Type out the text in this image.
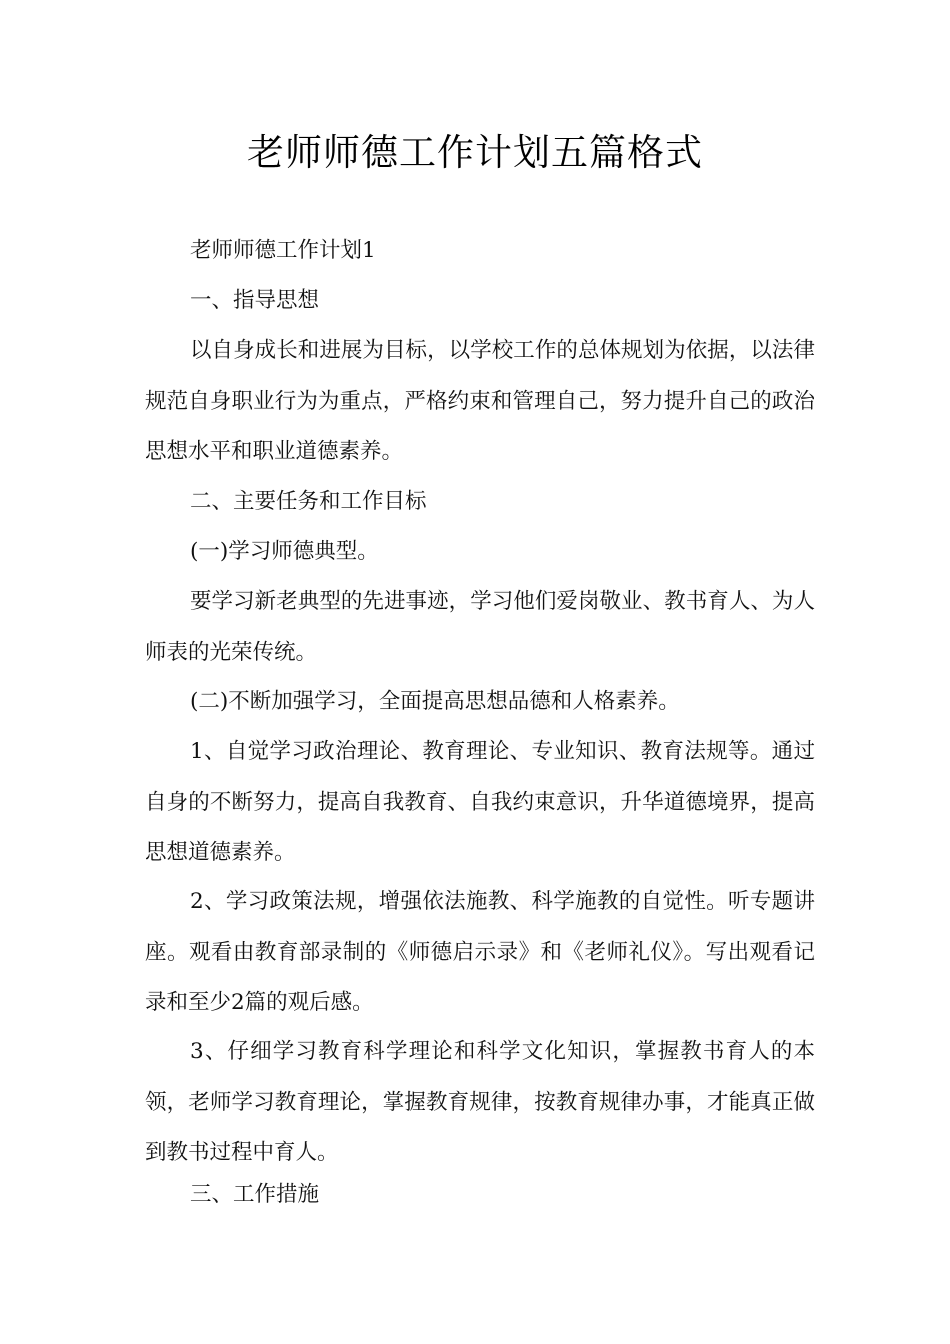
老师师德工作计划五篇格式

老师师德工作计划1

一、指导思想

以自身成长和进展为目标，以学校工作的总体规划为依据，以法律规范自身职业行为为重点，严格约束和管理自己，努力提升自己的政治思想水平和职业道德素养。

二、主要任务和工作目标

(一)学习师德典型。

要学习新老典型的先进事迹，学习他们爱岗敬业、教书育人、为人师表的光荣传统。

(二)不断加强学习，全面提高思想品德和人格素养。

1、自觉学习政治理论、教育理论、专业知识、教育法规等。通过自身的不断努力，提高自我教育、自我约束意识，升华道德境界，提高思想道德素养。

2、学习政策法规，增强依法施教、科学施教的自觉性。听专题讲座。观看由教育部录制的《师德启示录》和《老师礼仪》。写出观看记录和至少2篇的观后感。

3、仔细学习教育科学理论和科学文化知识，掌握教书育人的本领，老师学习教育理论，掌握教育规律，按教育规律办事，才能真正做到教书过程中育人。

三、工作措施
